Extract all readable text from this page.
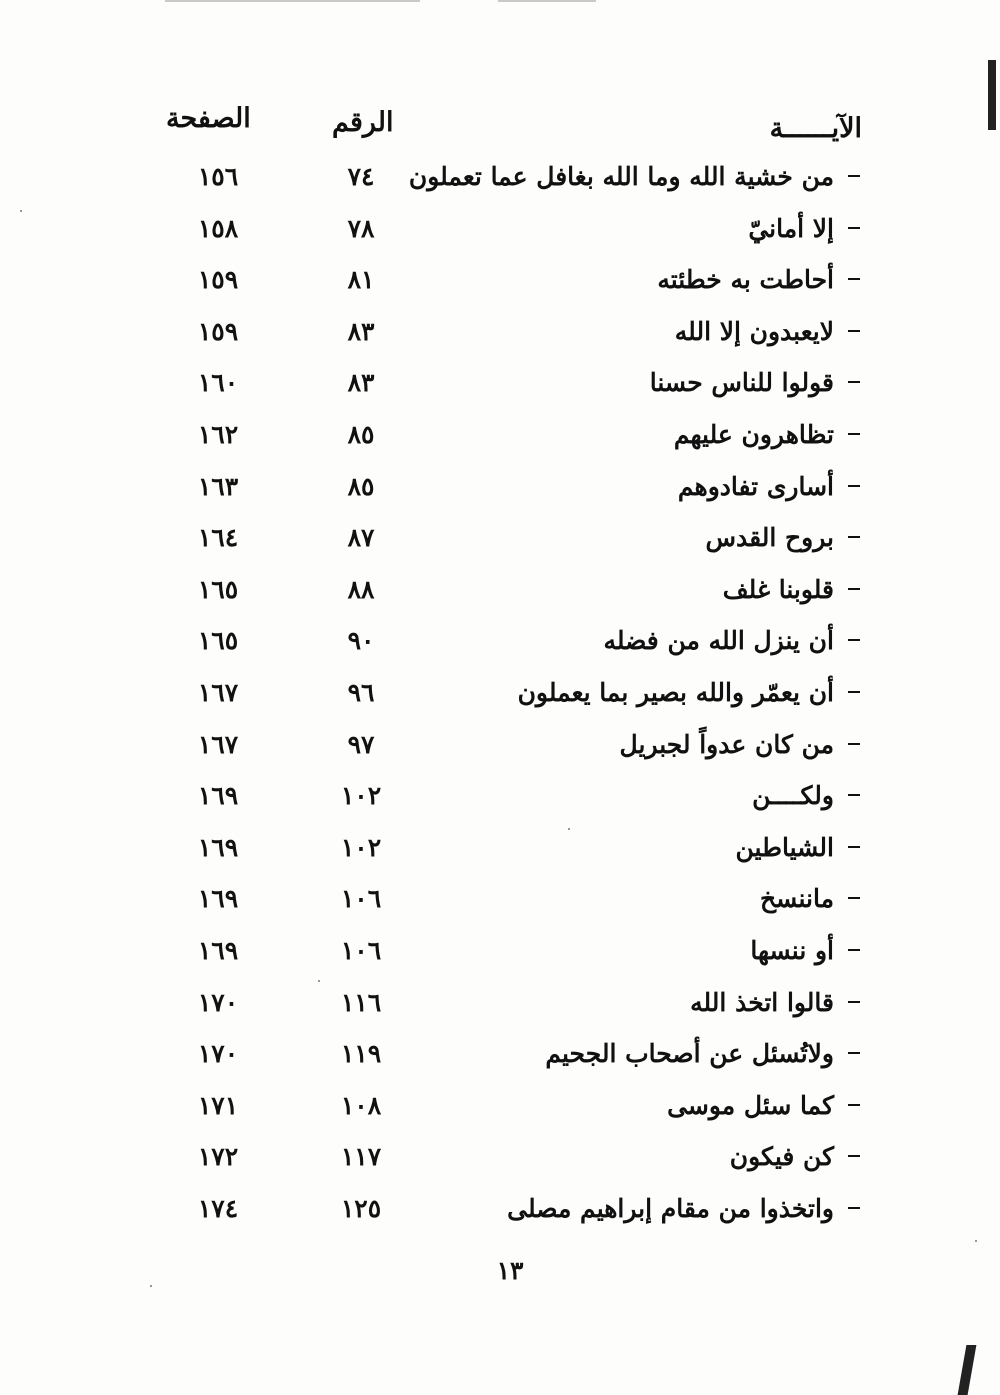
الآيــــــة
الرقم
الصفحة
من خشية الله وما الله بغافل عما تعملون
٧٤
١٥٦
إلا أمانيّ
٧٨
١٥٨
أحاطت به خطئته
٨١
١٥٩
لايعبدون إلا الله
٨٣
١٥٩
قولوا للناس حسنا
٨٣
١٦٠
تظاهرون عليهم
٨٥
١٦٢
أسارى تفادوهم
٨٥
١٦٣
بروح القدس
٨٧
١٦٤
قلوبنا غلف
٨٨
١٦٥
أن ينزل الله من فضله
٩٠
١٦٥
أن يعمّر والله بصير بما يعملون
٩٦
١٦٧
من كان عدواً لجبريل
٩٧
١٦٧
ولكــــن
١٠٢
١٦٩
الشياطين
١٠٢
١٦٩
ماننسخ
١٠٦
١٦٩
أو ننسها
١٠٦
١٦٩
قالوا اتخذ الله
١١٦
١٧٠
ولاتُسئل عن أصحاب الجحيم
١١٩
١٧٠
كما سئل موسى
١٠٨
١٧١
كن فيكون
١١٧
١٧٢
واتخذوا من مقام إبراهيم مصلى
١٢٥
١٧٤
١٣
